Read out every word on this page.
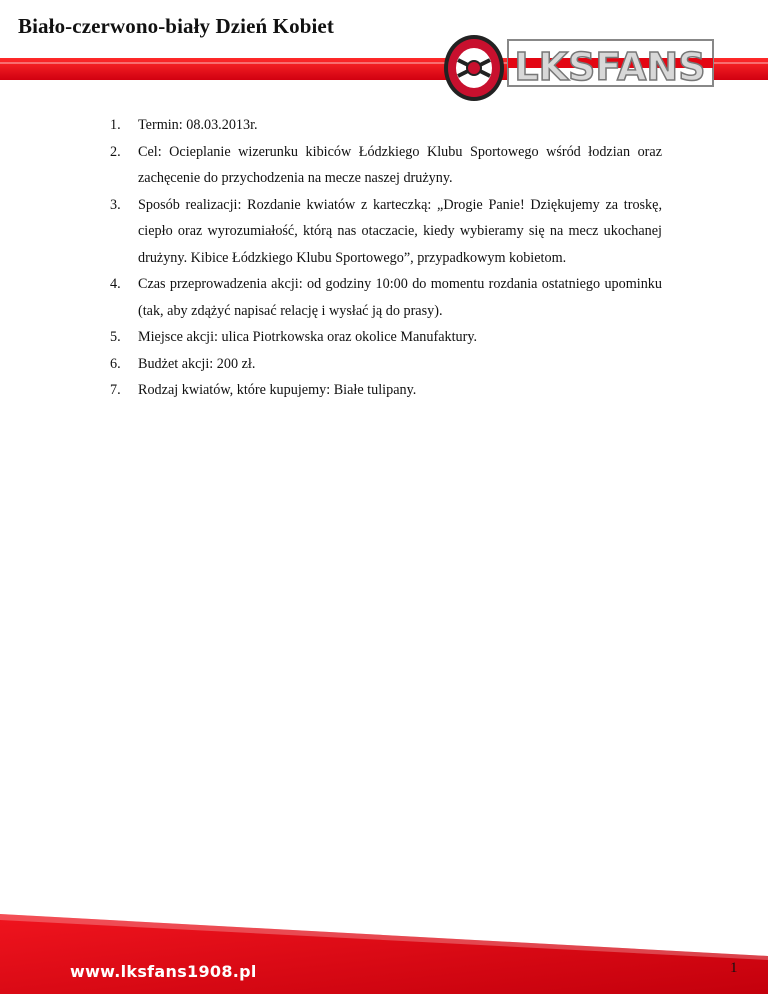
Biało-czerwono-biały Dzień Kobiet
LKSFANS
1. Termin: 08.03.2013r.
2. Cel: Ocieplanie wizerunku kibiców Łódzkiego Klubu Sportowego wśród łodzian oraz zachęcenie do przychodzenia na mecze naszej drużyny.
3. Sposób realizacji: Rozdanie kwiatów z karteczką: „Drogie Panie! Dziękujemy za troskę, ciepło oraz wyrozumiałość, którą nas otaczacie, kiedy wybieramy się na mecz ukochanej drużyny. Kibice Łódzkiego Klubu Sportowego”, przypadkowym kobietom.
4. Czas przeprowadzenia akcji: od godziny 10:00 do momentu rozdania ostatniego upominku (tak, aby zdążyć napisać relację i wysłać ją do prasy).
5. Miejsce akcji: ulica Piotrkowska oraz okolice Manufaktury.
6. Budżet akcji: 200 zł.
7. Rodzaj kwiatów, które kupujemy: Białe tulipany.
www.lksfans1908.pl	1
